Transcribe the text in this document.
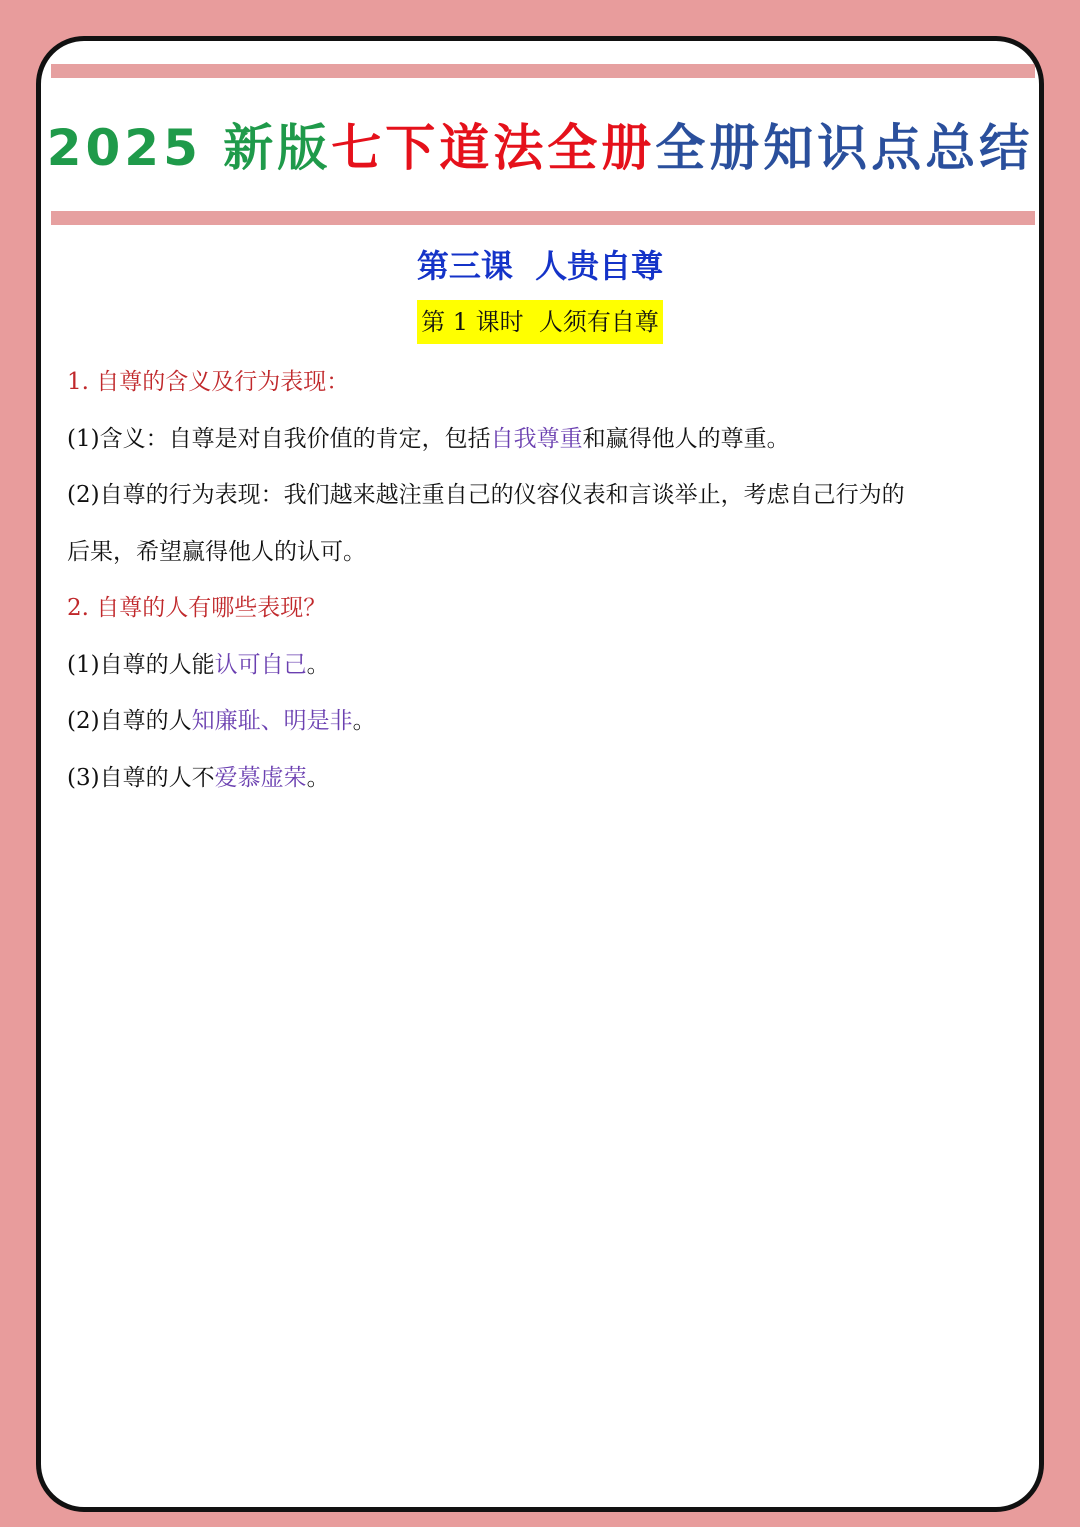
2025 新版七下道法全册全册知识点总结
第三课  人贵自尊
第 1 课时  人须有自尊

1. 自尊的含义及行为表现：

(1)含义：自尊是对自我价值的肯定，包括自我尊重和赢得他人的尊重。

(2)自尊的行为表现：我们越来越注重自己的仪容仪表和言谈举止，考虑自己行为的

后果，希望赢得他人的认可。

2. 自尊的人有哪些表现？

(1)自尊的人能认可自己。

(2)自尊的人知廉耻、明是非。

(3)自尊的人不爱慕虚荣。
